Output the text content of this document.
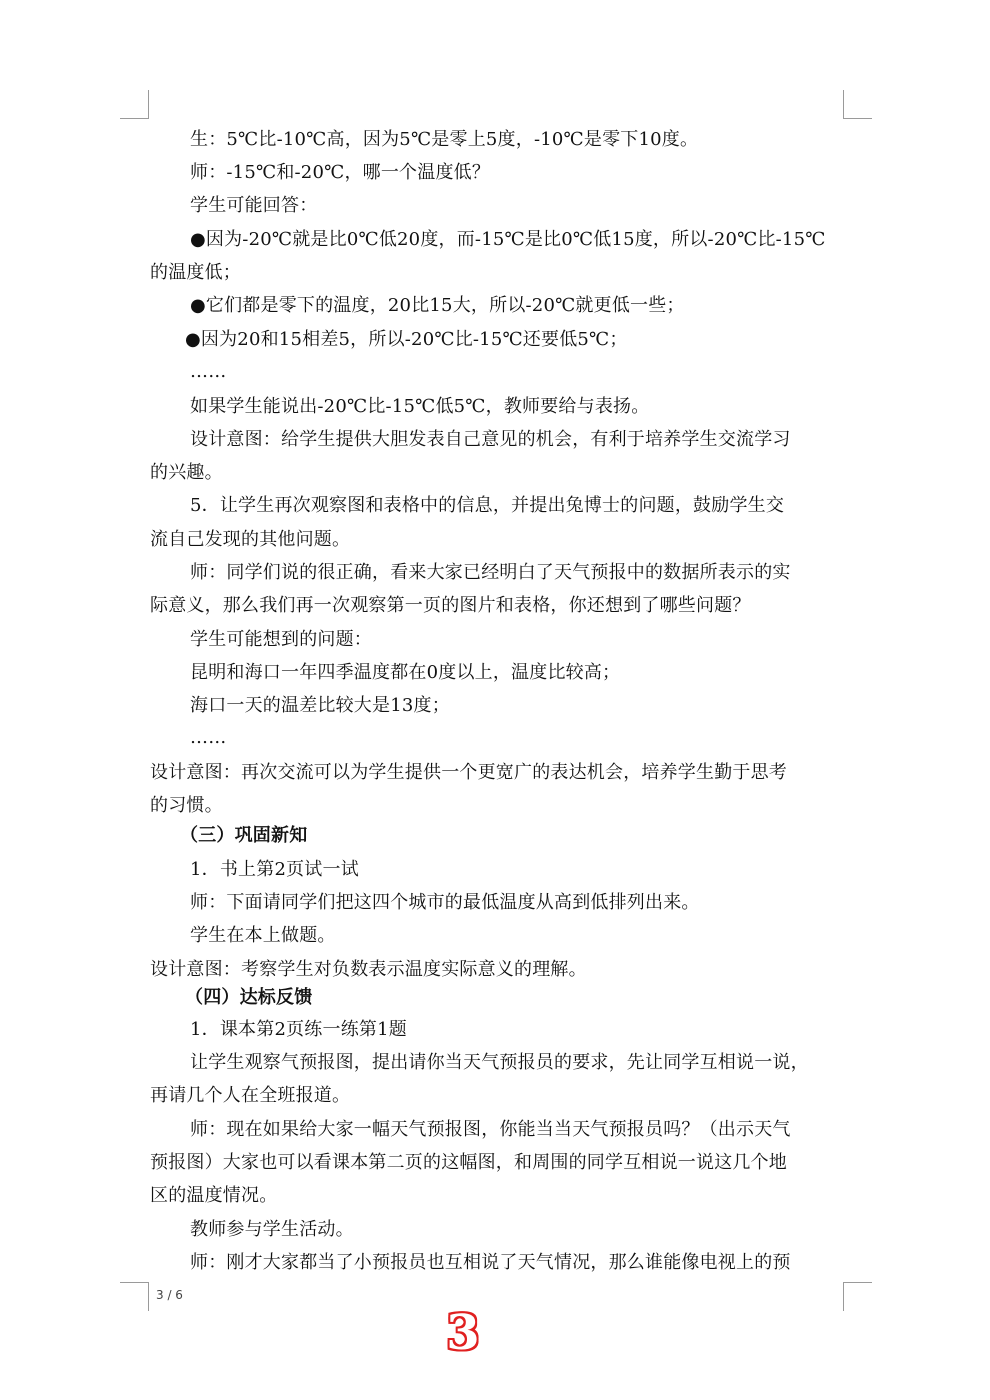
生：5℃比-10℃高，因为5℃是零上5度，-10℃是零下10度。
师：-15℃和-20℃，哪一个温度低？
学生可能回答：
●因为-20℃就是比0℃低20度，而-15℃是比0℃低15度，所以-20℃比-15℃
的温度低；
●它们都是零下的温度，20比15大，所以-20℃就更低一些；
●因为20和15相差5，所以-20℃比-15℃还要低5℃；
……
如果学生能说出-20℃比-15℃低5℃，教师要给与表扬。
设计意图：给学生提供大胆发表自己意见的机会，有利于培养学生交流学习
的兴趣。
5．让学生再次观察图和表格中的信息，并提出兔博士的问题，鼓励学生交
流自己发现的其他问题。
师：同学们说的很正确，看来大家已经明白了天气预报中的数据所表示的实
际意义，那么我们再一次观察第一页的图片和表格，你还想到了哪些问题？
学生可能想到的问题：
昆明和海口一年四季温度都在0度以上，温度比较高；
海口一天的温差比较大是13度；
……
设计意图：再次交流可以为学生提供一个更宽广的表达机会，培养学生勤于思考
的习惯。
（三）巩固新知
1．书上第2页试一试
师：下面请同学们把这四个城市的最低温度从高到低排列出来。
学生在本上做题。
设计意图：考察学生对负数表示温度实际意义的理解。
（四）达标反馈
1．课本第2页练一练第1题
让学生观察气预报图，提出请你当天气预报员的要求，先让同学互相说一说，
再请几个人在全班报道。
师：现在如果给大家一幅天气预报图，你能当当天气预报员吗？（出示天气
预报图）大家也可以看课本第二页的这幅图，和周围的同学互相说一说这几个地
区的温度情况。
教师参与学生活动。
师：刚才大家都当了小预报员也互相说了天气情况，那么谁能像电视上的预
3 / 6
3
